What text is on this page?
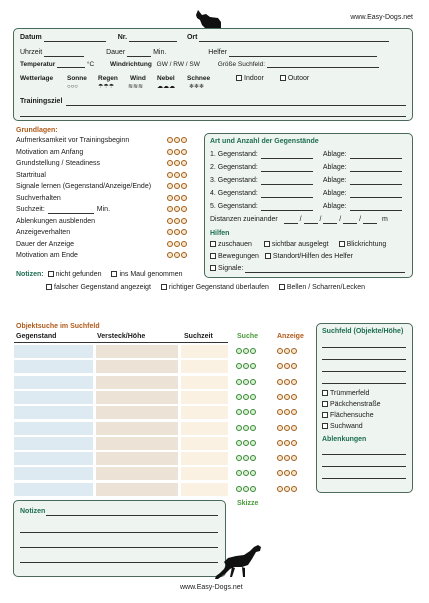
www.Easy-Dogs.net
Datum	Nr.	Ort
Uhrzeit	Dauer	Min.	Helfer
Temperatur	°C Windrichtung GW / RW / SW	Größe Suchfeld:
Wetterlage Sonne Regen Wind Nebel Schnee
○○○	☂☂☂ ≋≋≋ ☁☁☁ ❄❄❄
Indoor	Outoor
Trainingsziel
Grundlagen:
Aufmerksamkeit vor Trainingsbeginn
Motivation am Anfang
Grundstellung / Steadiness
Startritual
Signale lernen (Gegenstand/Anzeige/Ende)
Suchverhalten
Suchzeit:	Min.
Ablenkungen ausblenden
Anzeigeverhalten
Dauer der Anzeige
Motivation am Ende
Art und Anzahl der Gegenstände
1. Gegenstand:	Ablage:
2. Gegenstand:	Ablage:
3. Gegenstand:	Ablage:
4. Gegenstand:	Ablage:
5. Gegenstand:	Ablage:
Distanzen zueinander	/  /  /  /	m
Hilfen
zuschauen	sichtbar ausgelegt	Blickrichtung
Bewegungen Standort/Hilfen des Helfer
Signale:
Notizen: nicht gefunden	ins Maul genommen
falscher Gegenstand angezeigt	richtiger Gegenstand überlaufen	Bellen / Scharren/Lecken
Objektsuche im Suchfeld
Gegenstand	Versteck/Höhe	Suchzeit	Suche	Anzeige
Suchfeld (Objekte/Höhe)
Trümmerfeld
Päckchenstraße
Flächensuche
Suchwand
Ablenkungen
Notizen
Skizze
www.Easy-Dogs.net
